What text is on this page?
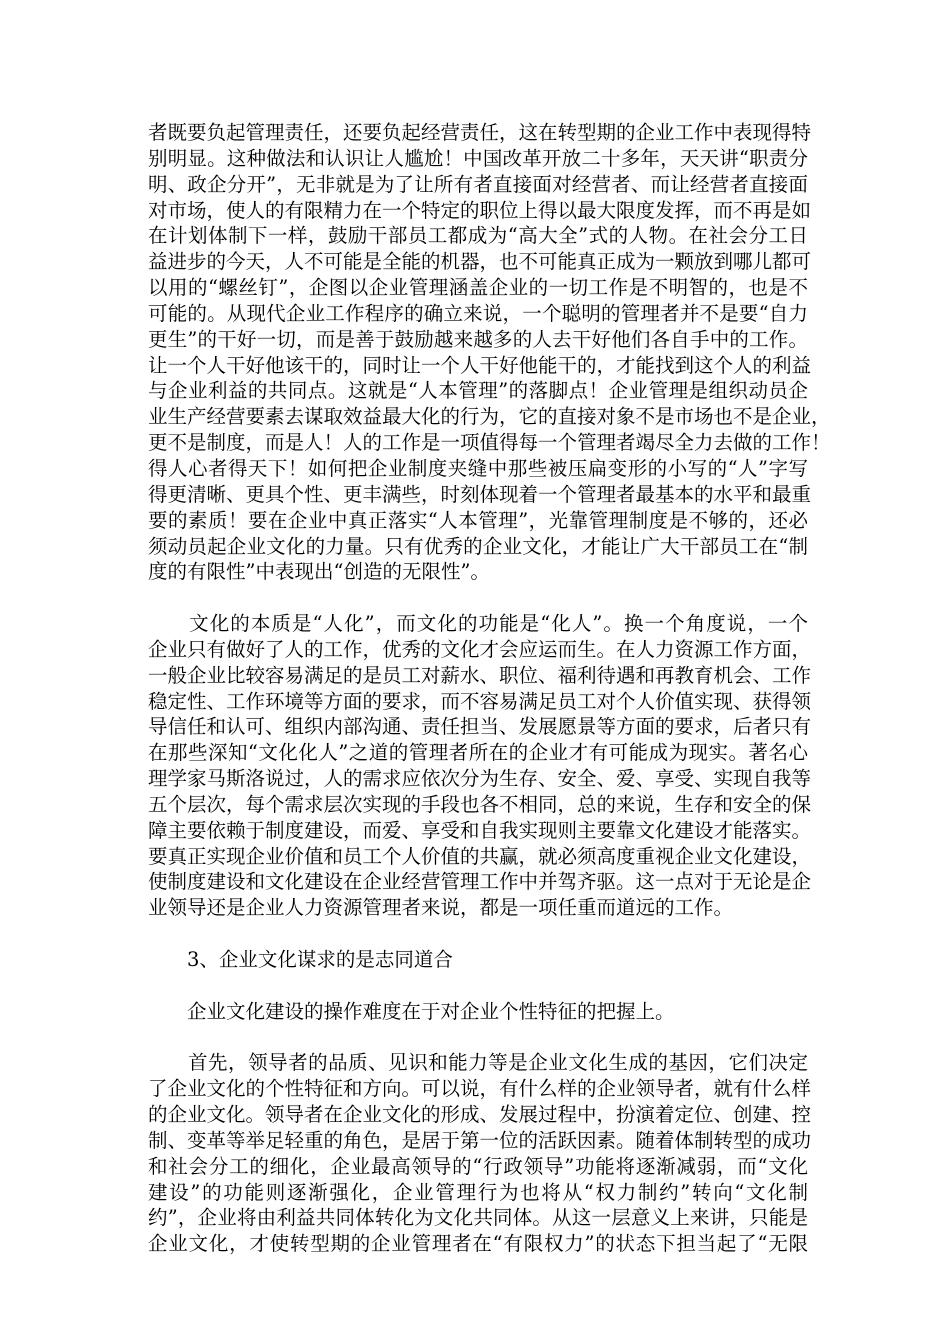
者既要负起管理责任，还要负起经营责任，这在转型期的企业工作中表现得特
别明显。这种做法和认识让人尴尬！中国改革开放二十多年，天天讲“职责分
明、政企分开”，无非就是为了让所有者直接面对经营者、而让经营者直接面
对市场，使人的有限精力在一个特定的职位上得以最大限度发挥，而不再是如
在计划体制下一样，鼓励干部员工都成为“高大全”式的人物。在社会分工日
益进步的今天，人不可能是全能的机器，也不可能真正成为一颗放到哪儿都可
以用的“螺丝钉”，企图以企业管理涵盖企业的一切工作是不明智的，也是不
可能的。从现代企业工作程序的确立来说，一个聪明的管理者并不是要“自力
更生”的干好一切，而是善于鼓励越来越多的人去干好他们各自手中的工作。
让一个人干好他该干的，同时让一个人干好他能干的，才能找到这个人的利益
与企业利益的共同点。这就是“人本管理”的落脚点！企业管理是组织动员企
业生产经营要素去谋取效益最大化的行为，它的直接对象不是市场也不是企业，
更不是制度，而是人！人的工作是一项值得每一个管理者竭尽全力去做的工作！
得人心者得天下！如何把企业制度夹缝中那些被压扁变形的小写的“人”字写
得更清晰、更具个性、更丰满些，时刻体现着一个管理者最基本的水平和最重
要的素质！要在企业中真正落实“人本管理”，光靠管理制度是不够的，还必
须动员起企业文化的力量。只有优秀的企业文化，才能让广大干部员工在“制
度的有限性”中表现出“创造的无限性”。
　　文化的本质是“人化”，而文化的功能是“化人”。换一个角度说，一个
企业只有做好了人的工作，优秀的文化才会应运而生。在人力资源工作方面，
一般企业比较容易满足的是员工对薪水、职位、福利待遇和再教育机会、工作
稳定性、工作环境等方面的要求，而不容易满足员工对个人价值实现、获得领
导信任和认可、组织内部沟通、责任担当、发展愿景等方面的要求，后者只有
在那些深知“文化化人”之道的管理者所在的企业才有可能成为现实。著名心
理学家马斯洛说过，人的需求应依次分为生存、安全、爱、享受、实现自我等
五个层次，每个需求层次实现的手段也各不相同，总的来说，生存和安全的保
障主要依赖于制度建设，而爱、享受和自我实现则主要靠文化建设才能落实。
要真正实现企业价值和员工个人价值的共赢，就必须高度重视企业文化建设，
使制度建设和文化建设在企业经营管理工作中并驾齐驱。这一点对于无论是企
业领导还是企业人力资源管理者来说，都是一项任重而道远的工作。
　　3、企业文化谋求的是志同道合
　　企业文化建设的操作难度在于对企业个性特征的把握上。
　　首先，领导者的品质、见识和能力等是企业文化生成的基因，它们决定
了企业文化的个性特征和方向。可以说，有什么样的企业领导者，就有什么样
的企业文化。领导者在企业文化的形成、发展过程中，扮演着定位、创建、控
制、变革等举足轻重的角色，是居于第一位的活跃因素。随着体制转型的成功
和社会分工的细化，企业最高领导的“行政领导”功能将逐渐减弱，而“文化
建设”的功能则逐渐强化，企业管理行为也将从“权力制约”转向“文化制
约”，企业将由利益共同体转化为文化共同体。从这一层意义上来讲，只能是
企业文化，才使转型期的企业管理者在“有限权力”的状态下担当起了“无限
